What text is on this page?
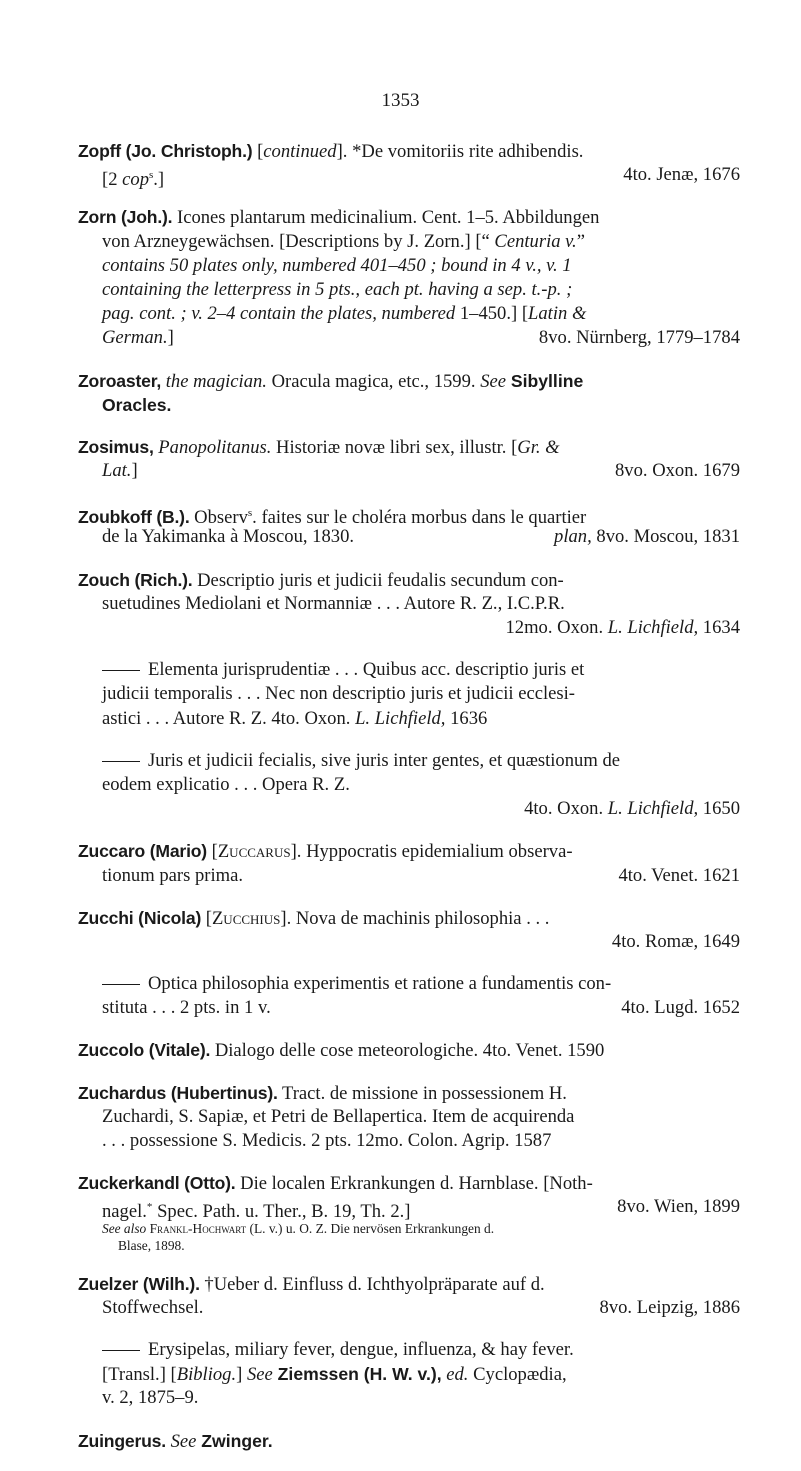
1353
Zopff (Jo. Christoph.) [continued]. *De vomitoriis rite adhibendis.
[2 cop$^s$.]	4to. Jenæ, 1676
Zorn (Joh.). Icones plantarum medicinalium. Cent. 1–5. Abbildungen
von Arzneygewächsen. [Descriptions by J. Zorn.] [“ Centuria v.”
contains 50 plates only, numbered 401–450 ; bound in 4 v., v. 1
containing the letterpress in 5 pts., each pt. having a sep. t.-p. ;
pag. cont. ; v. 2–4 contain the plates, numbered 1–450.] [Latin &
German.]	8vo. Nürnberg, 1779–1784
Zoroaster, the magician. Oracula magica, etc., 1599. See Sibylline
Oracles.
Zosimus, Panopolitanus. Historiæ novæ libri sex, illustr. [Gr. &
Lat.]	8vo. Oxon. 1679
Zoubkoff (B.). Observ$^s$. faites sur le choléra morbus dans le quartier
de la Yakimanka à Moscou, 1830.	plan, 8vo. Moscou, 1831
Zouch (Rich.). Descriptio juris et judicii feudalis secundum con-
suetudines Mediolani et Normanniæ . . . Autore R. Z., I.C.P.R.
12mo. Oxon. L. Lichfield, 1634
Elementa jurisprudentiæ . . . Quibus acc. descriptio juris et
judicii temporalis . . . Nec non descriptio juris et judicii ecclesi-
astici . . . Autore R. Z. 4to. Oxon. L. Lichfield, 1636
Juris et judicii fecialis, sive juris inter gentes, et quæstionum de
eodem explicatio . . . Opera R. Z.
4to. Oxon. L. Lichfield, 1650
Zuccaro (Mario) [Zuccarus]. Hyppocratis epidemialium observa-
tionum pars prima.	4to. Venet. 1621
Zucchi (Nicola) [Zucchius]. Nova de machinis philosophia . . .
4to. Romæ, 1649
Optica philosophia experimentis et ratione a fundamentis con-
stituta . . . 2 pts. in 1 v.	4to. Lugd. 1652
Zuccolo (Vitale). Dialogo delle cose meteorologiche. 4to. Venet. 1590
Zuchardus (Hubertinus). Tract. de missione in possessionem H.
Zuchardi, S. Sapiæ, et Petri de Bellapertica. Item de acquirenda
. . . possessione S. Medicis. 2 pts. 12mo. Colon. Agrip. 1587
Zuckerkandl (Otto). Die localen Erkrankungen d. Harnblase. [Noth-
nagel.* Spec. Path. u. Ther., B. 19, Th. 2.]	8vo. Wien, 1899
See also Frankl-Hochwart (L. v.) u. O. Z. Die nervösen Erkrankungen d.
Blase, 1898.
Zuelzer (Wilh.). †Ueber d. Einfluss d. Ichthyolpräparate auf d.
Stoffwechsel.	8vo. Leipzig, 1886
Erysipelas, miliary fever, dengue, influenza, & hay fever.
[Transl.] [Bibliog.] See Ziemssen (H. W. v.), ed. Cyclopædia,
v. 2, 1875–9.
Zuingerus. See Zwinger.
